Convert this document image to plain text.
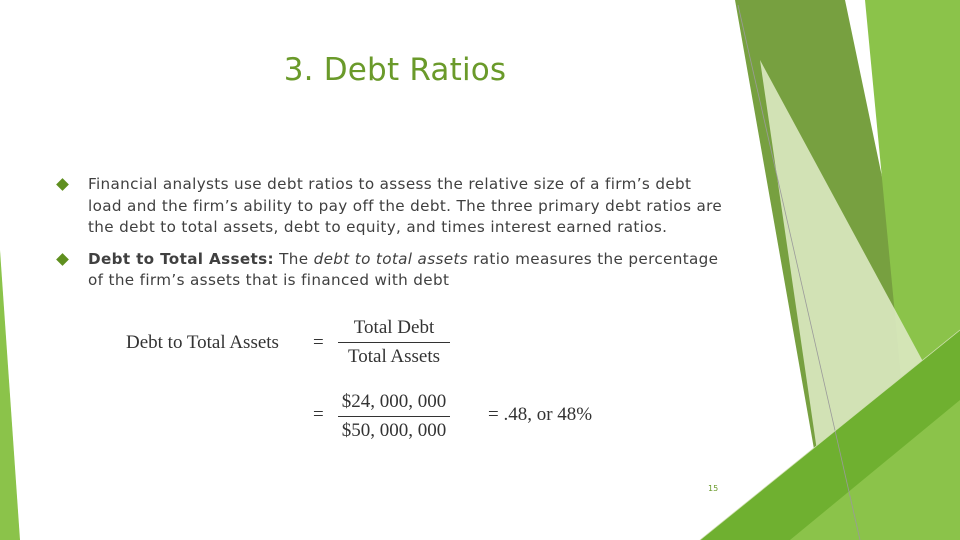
3. Debt Ratios
Financial analysts use debt ratios to assess the relative size of a firm’s debt load and the firm’s ability to pay off the debt. The three primary debt ratios are the debt to total assets, debt to equity, and times interest earned ratios.
Debt to Total Assets: The debt to total assets ratio measures the percentage of the firm’s assets that is financed with debt
Debt to Total Assets =
Total Debt
Total Assets
=
$24, 000, 000
$50, 000, 000
= .48, or 48%
15
